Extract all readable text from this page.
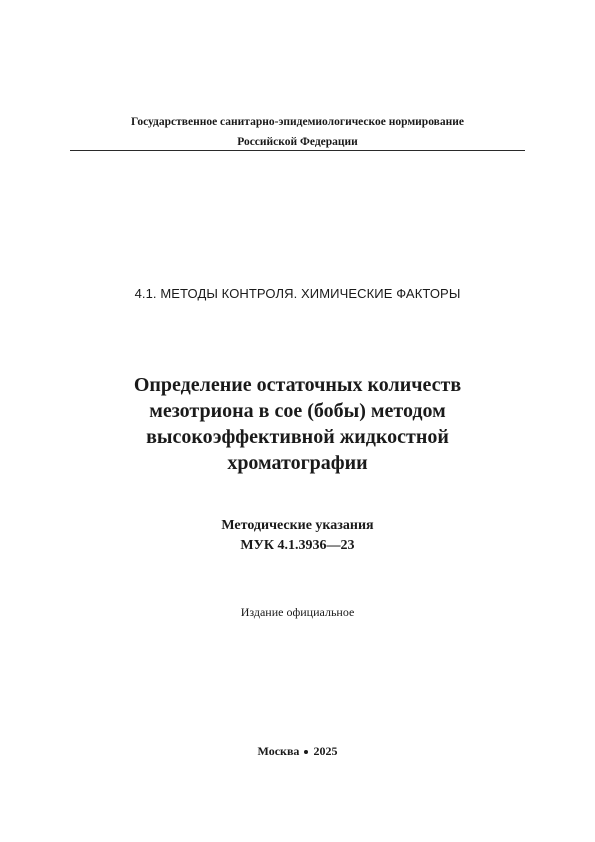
Государственное санитарно-эпидемиологическое нормирование
Российской Федерации
4.1. МЕТОДЫ КОНТРОЛЯ. ХИМИЧЕСКИЕ ФАКТОРЫ
Определение остаточных количеств
мезотриона в сое (бобы) методом
высокоэффективной жидкостной
хроматографии
Методические указания
МУК 4.1.3936—23
Издание официальное
Москва 2025
